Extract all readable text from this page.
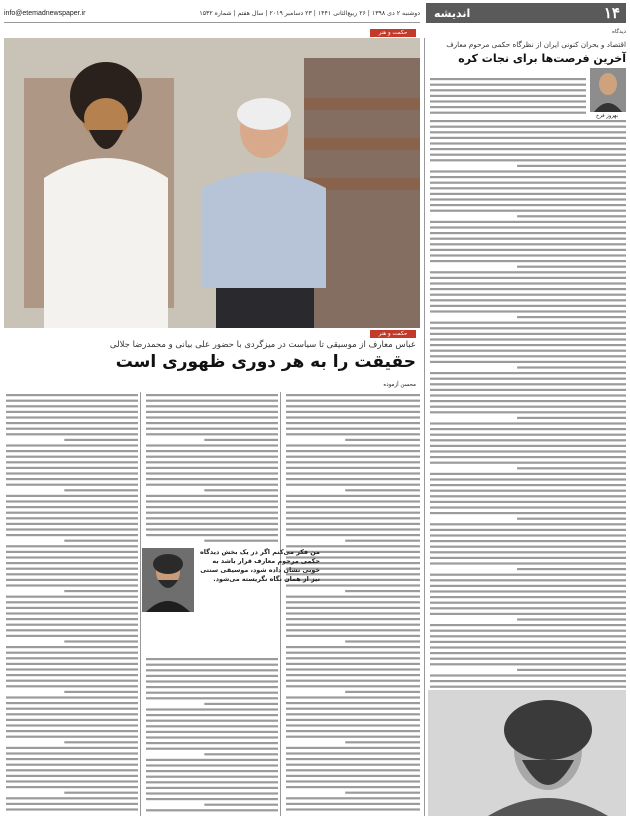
دوشنبه ۲ دی ۱۳۹۸ | ۲۶ ربیع‌الثانی ۱۴۴۱ | ۲۳ دسامبر ۲۰۱۹ | سال هفتم | شماره ۱۵۳۲
info@etemadnewspaper.ir	۱۴
اندیشه
دیدگاه
حکمت و هنر
حکمت و هنر
عباس معارف از موسیقی تا سیاست در میزگردی با حضور علی بیانی و محمدرضا جلالی
حقیقت را به هر دوری ظهوری است
محسن آزموده
اقتصاد و بحران کنونی ایران از نظرگاه حکمی مرحوم معارف
آخرین فرصت‌ها برای نجات کره
بهروز فرخ
من فکر می‌کنم اگر در یک بخش دیدگاه حکمی مرحوم معارف قرار باشد به خوبی نشان داده شود، موسیقی سنتی نیز از همان نگاه نگریسته می‌شود.
